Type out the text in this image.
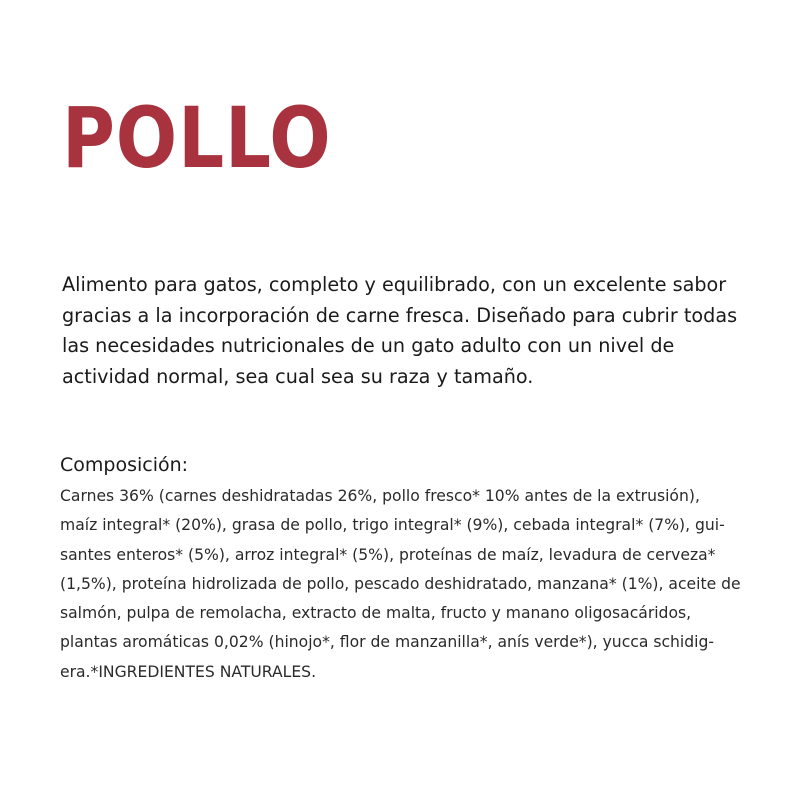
POLLO

Alimento para gatos, completo y equilibrado, con un excelente sabor
gracias a la incorporación de carne fresca. Diseñado para cubrir todas
las necesidades nutricionales de un gato adulto con un nivel de
actividad normal, sea cual sea su raza y tamaño.

Composición:

Carnes 36% (carnes deshidratadas 26%, pollo fresco* 10% antes de la extrusión),
maíz integral* (20%), grasa de pollo, trigo integral* (9%), cebada integral* (7%), gui-
santes enteros* (5%), arroz integral* (5%), proteínas de maíz, levadura de cerveza*
(1,5%), proteína hidrolizada de pollo, pescado deshidratado, manzana* (1%), aceite de
salmón, pulpa de remolacha, extracto de malta, fructo y manano oligosacáridos,
plantas aromáticas 0,02% (hinojo*, flor de manzanilla*, anís verde*), yucca schidig-
era.*INGREDIENTES NATURALES.
